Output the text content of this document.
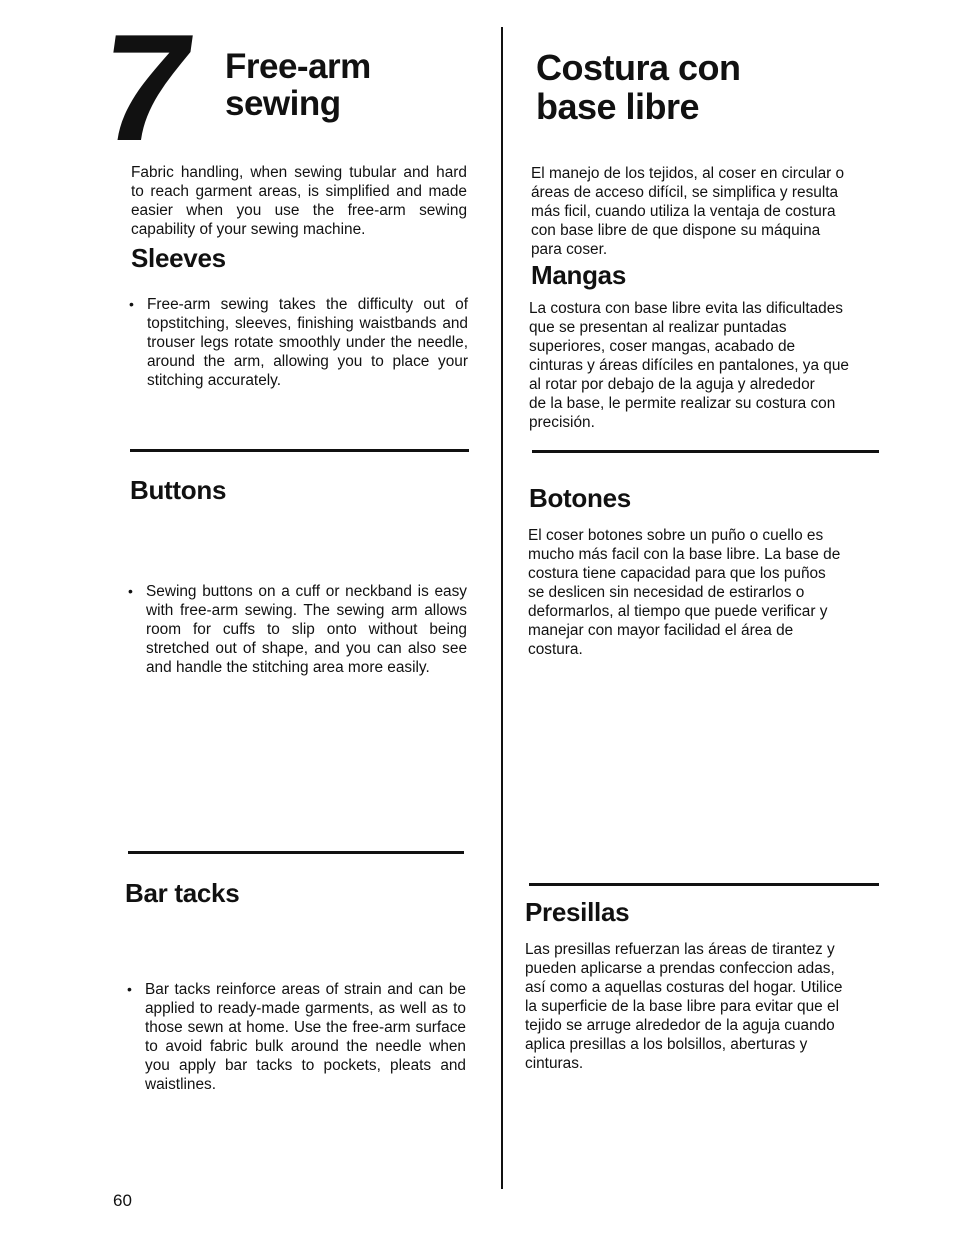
7 Free-arm
sewing
Costura con
base libre
Fabric handling, when sewing tubular and hard to reach garment areas, is simplified and made easier when you use the free-arm sewing capability of your sewing machine.
Sleeves
• Free-arm sewing takes the difficulty out of topstitching, sleeves, finishing waistbands and trouser legs rotate smoothly under the needle, around the arm, allowing you to place your stitching accurately.
Buttons
• Sewing buttons on a cuff or neckband is easy with free-arm sewing. The sewing arm allows room for cuffs to slip onto without being stretched out of shape, and you can also see and handle the stitching area more easily.
Bar tacks
• Bar tacks reinforce areas of strain and can be applied to ready-made garments, as well as to those sewn at home. Use the free-arm surface to avoid fabric bulk around the needle when you apply bar tacks to pockets, pleats and waistlines.
El manejo de los tejidos, al coser en circular o
áreas de acceso difícil, se simplifica y resulta
más ficil, cuando utiliza la ventaja de costura
con base libre de que dispone su máquina
para coser.
Mangas
La costura con base libre evita las dificultades
que se presentan al realizar puntadas
superiores, coser mangas, acabado de
cinturas y áreas difíciles en pantalones, ya que
al rotar por debajo de la aguja y alrededor
de la base, le permite realizar su costura con
precisión.
Botones
El coser botones sobre un puño o cuello es
mucho más facil con la base libre. La base de
costura tiene capacidad para que los puños
se deslicen sin necesidad de estirarlos o
deformarlos, al tiempo que puede verificar y
manejar con mayor facilidad el área de
costura.
Presillas
Las presillas refuerzan las áreas de tirantez y
pueden aplicarse a prendas confeccion adas,
así como a aquellas costuras del hogar. Utilice
la superficie de la base libre para evitar que el
tejido se arruge alrededor de la aguja cuando
aplica presillas a los bolsillos, aberturas y
cinturas.
60
